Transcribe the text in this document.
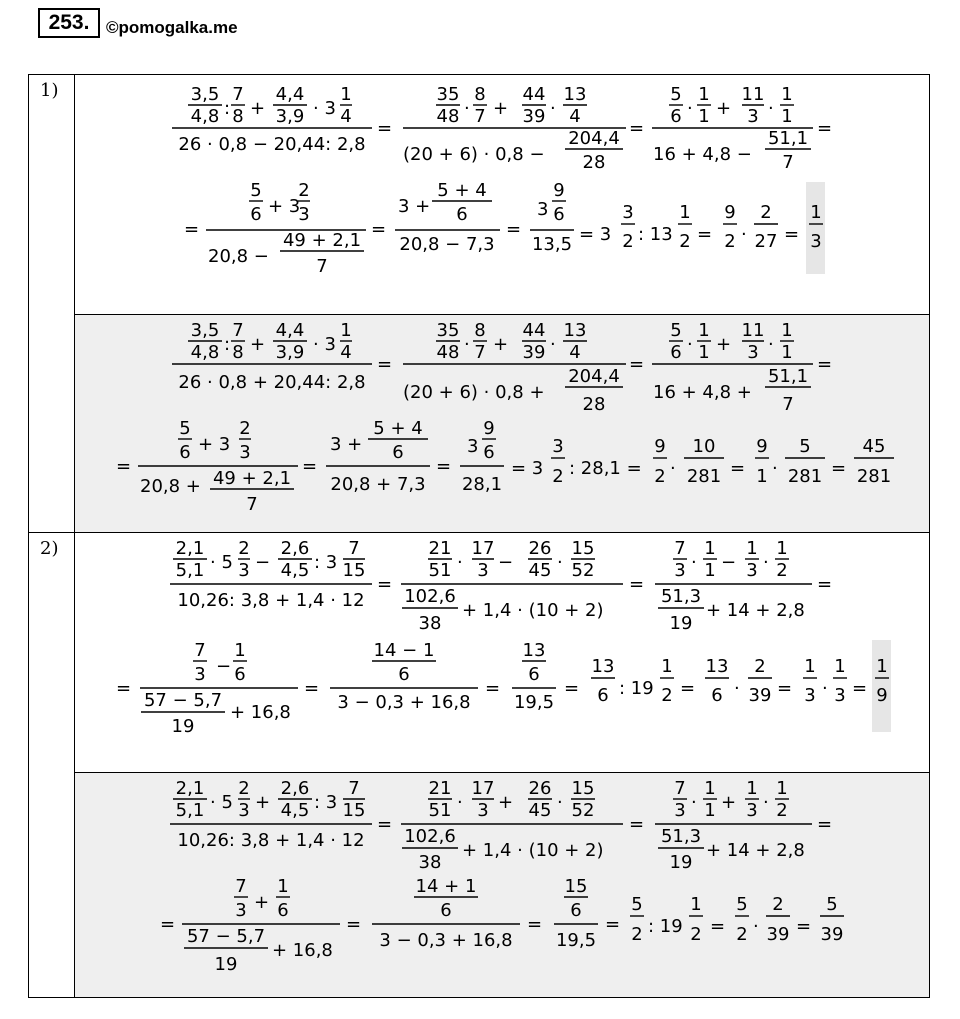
253. ©pomogalka.me
1)
2)
3,5
4,8 :
7
8 +
4,4
3,9 · 3
1
4
26 · 0,8 − 20,44: 2,8
=
35
48 ·
8
7 +
44
39 ·
13
4
(20 + 6) · 0,8 −
204,4
28
=
5
6 ·
1
1 +
11
3 ·
1
1
16 + 4,8 −
51,1
7
=
=
5
6 + 3
2
3
20,8 −
49 + 2,1
7
=
3 +
5 + 4
6
20,8 − 7,3
=
3
9
6
13,5 = 3
3
2 : 13
1
2 =
9
2 ·
2
27 =
1
3
3,5
4,8 :
7
8 +
4,4
3,9 · 3
1
4
26 · 0,8 + 20,44: 2,8
=
35
48 ·
8
7 +
44
39 ·
13
4
(20 + 6) · 0,8 +
204,4
28
=
5
6 ·
1
1 +
11
3 ·
1
1
16 + 4,8 +
51,1
7
=
=
5
6 + 3
2
3
20,8 + 49 + 2,1
7
=
3 +
5 + 4
6
20,8 + 7,3
=
3
9
6
28,1
= 3
3
2 : 28,1 =
9
2 ·
10
281 =
9
1 ·
5
281 =
45
281
2,1
5,1 · 5
2
3 −
2,6
4,5 : 3
7
15
10,26: 3,8 + 1,4 · 12
=
21
51 ·
17
3 −
26
45 ·
15
52
102,6
38
+ 1,4 · (10 + 2)
=
7
3 ·
1
1 −
1
3 ·
1
2
51,3
19
+ 14 + 2,8
=
=
7
3 −
1
6
57 − 5,7
19
+ 16,8
=
14 − 1
6
3 − 0,3 + 16,8
=
13
6
19,5
=
13
6 : 19
1
2 =
13
6 ·
2
39 =
1
3 ·
1
3 =
1
9
2,1
5,1 · 5
2
3 +
2,6
4,5 : 3
7
15
10,26: 3,8 + 1,4 · 12
=
21
51 ·
17
3 +
26
45 ·
15
52
102,6
38
+ 1,4 · (10 + 2)
=
7
3 ·
1
1 +
1
3 ·
1
2
51,3
19
+ 14 + 2,8
=
=
7
3 +
1
6
57 − 5,7
19
+ 16,8
=
14 + 1
6
3 − 0,3 + 16,8
=
15
6
19,5
=
5
2 : 19
1
2 =
5
2 ·
2
39 =
5
39
